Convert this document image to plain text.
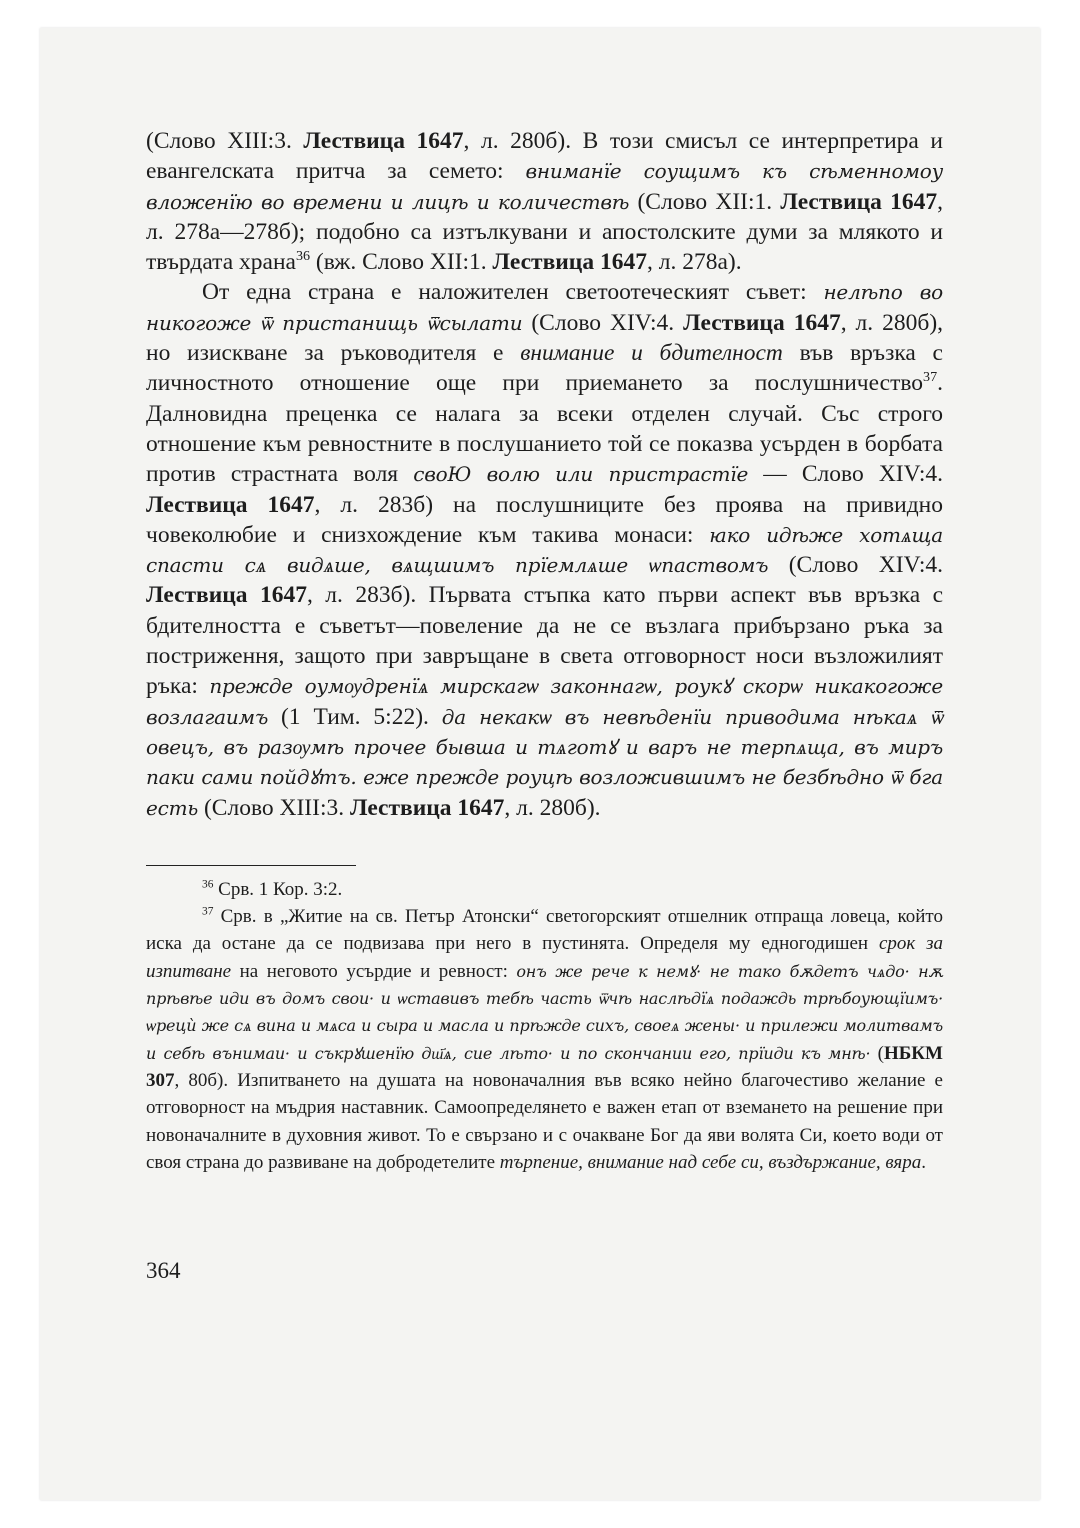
(Слово XIII:3. Лествица 1647, л. 280б). В този смисъл се интерпретира и евангелската притча за семето: вниманїе соущимъ къ сѣменномоу вложенїю во времени и лицѣ и количествѣ (Слово XII:1. Лествица 1647, л. 278а—278б); подобно са изтълкувани и апостолските думи за млякото и твърдата храна$^{36}$ (вж. Слово XII:1. Лествица 1647, л. 278а).

От една страна е наложителен светоотеческият съвет: нелѣпо во никогоже ѿ пристанищь ѿсылати (Слово XIV:4. Лествица 1647, л. 280б), но изискване за ръководителя е внимание и бдителност във връзка с личностното отношение още при приемането за послушничество$^{37}$. Далновидна преценка се налага за всеки отделен случай. Със строго отношение към ревностните в послушанието той се показва усърден в борбата против страстната воля своЮ волю или пристрастїе — Слово XIV:4. Лествица 1647, л. 283б) на послушниците без проява на привидно човеколюбие и снизхождение към такива монаси: ꙗко идѣже хотѧща спасти сѧ видѧше, вѧщшимъ прїемлѧше ѡпаствомъ (Слово XIV:4. Лествица 1647, л. 283б). Първата стъпка като първи аспект във връзка с бдителността е съветът—повеление да не се възлага прибързано ръка за постриження, защото при завръщане в света отговорност носи възложилият ръка: прежде оумѹдренїѧ мирскагѡ законнагѡ, роукꙋ скорѡ никакогоже возлагаимъ (1 Тим. 5:22). да некакѡ въ невѣденїи приводима нѣкаѧ ѿ овецъ, въ разѹмѣ прочее бывша и тѧготꙋ и варъ не терпѧща, въ миръ паки сами пойдꙋтъ. еже прежде роуцѣ возложившимъ не безбѣдно ѿ бга есть (Слово XIII:3. Лествица 1647, л. 280б).

$^{36}$ Срв. 1 Кор. 3:2.

$^{37}$ Срв. в „Житие на св. Петър Атонски“ светогорският отшелник отпраща ловеца, който иска да остане да се подвизава при него в пустинята. Определя му едногодишен срок за изпитване на неговото усърдие и ревност: онъ же рече к немꙋ· не тако бѫдетъ чѧдо· нѫ прѣвѣе иди въ домъ свои· и ѡставивъ тебѣ часть ѿчѣ наслѣдїѧ подаждь трѣбоующїимъ· ѡрецѝ же сѧ вина и мѧса и сыра и масла и прѣжде сихъ, своеѧ жены· и прилежи молитвамъ и себѣ вънимаи· и съкрꙋшенїю дш҃ѧ, сие лѣто· и по скончании его, прїиди къ мнѣ· (НБКМ 307, 80б). Изпитването на душата на новоначалния във всяко нейно благочестиво желание е отговорност на мъдрия наставник. Самоопределянето е важен етап от вземането на решение при новоначалните в духовния живот. То е свързано и с очакване Бог да яви волята Си, което води от своя страна до развиване на добродетелите търпение, внимание над себе си, въздържание, вяра.

364
